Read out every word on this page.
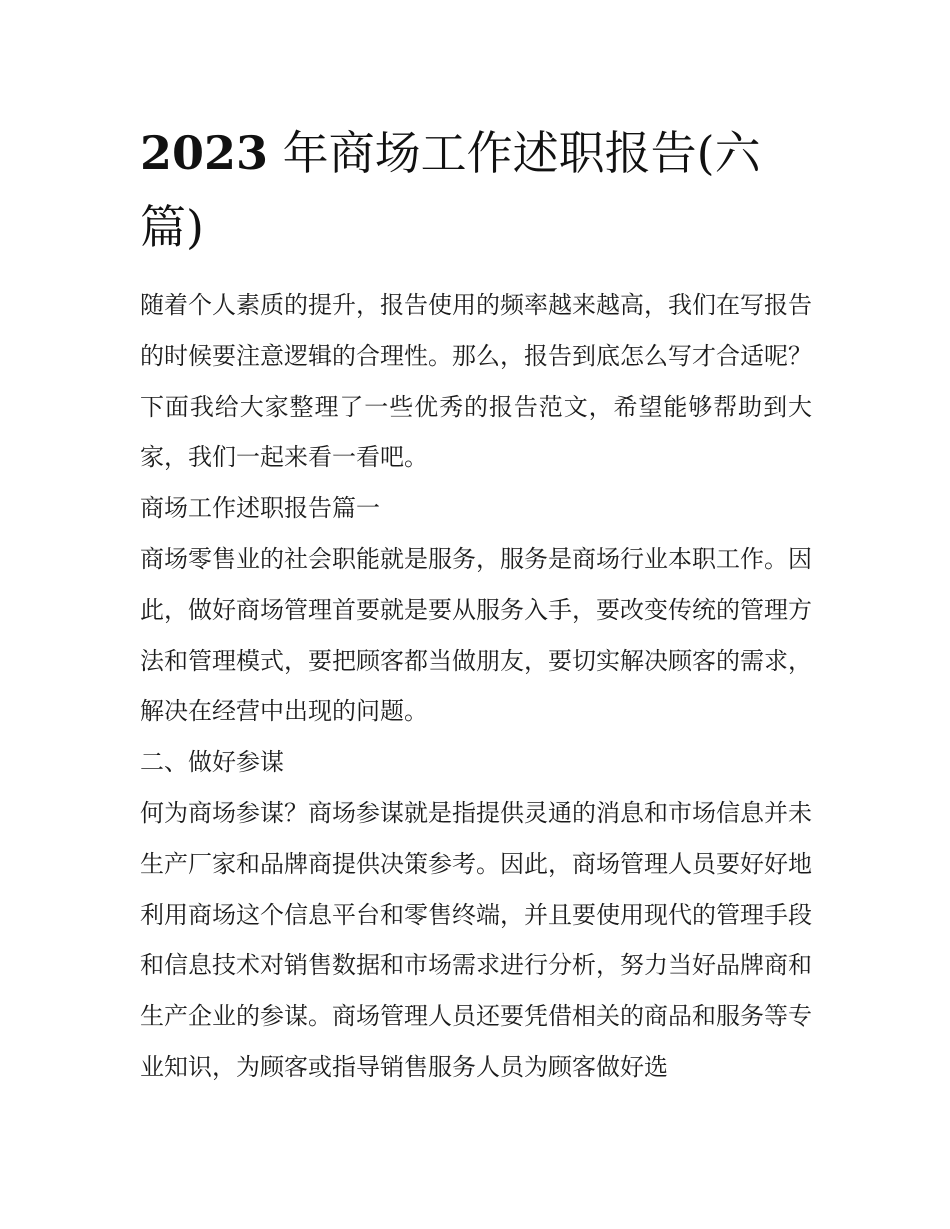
2023 年商场工作述职报告(六篇)

随着个人素质的提升，报告使用的频率越来越高，我们在写报告的时候要注意逻辑的合理性。那么，报告到底怎么写才合适呢？下面我给大家整理了一些优秀的报告范文，希望能够帮助到大家，我们一起来看一看吧。

商场工作述职报告篇一

商场零售业的社会职能就是服务，服务是商场行业本职工作。因此，做好商场管理首要就是要从服务入手，要改变传统的管理方法和管理模式，要把顾客都当做朋友，要切实解决顾客的需求，解决在经营中出现的问题。

二、做好参谋

何为商场参谋？商场参谋就是指提供灵通的消息和市场信息并未生产厂家和品牌商提供决策参考。因此，商场管理人员要好好地利用商场这个信息平台和零售终端，并且要使用现代的管理手段和信息技术对销售数据和市场需求进行分析，努力当好品牌商和生产企业的参谋。商场管理人员还要凭借相关的商品和服务等专业知识，为顾客或指导销售服务人员为顾客做好选
